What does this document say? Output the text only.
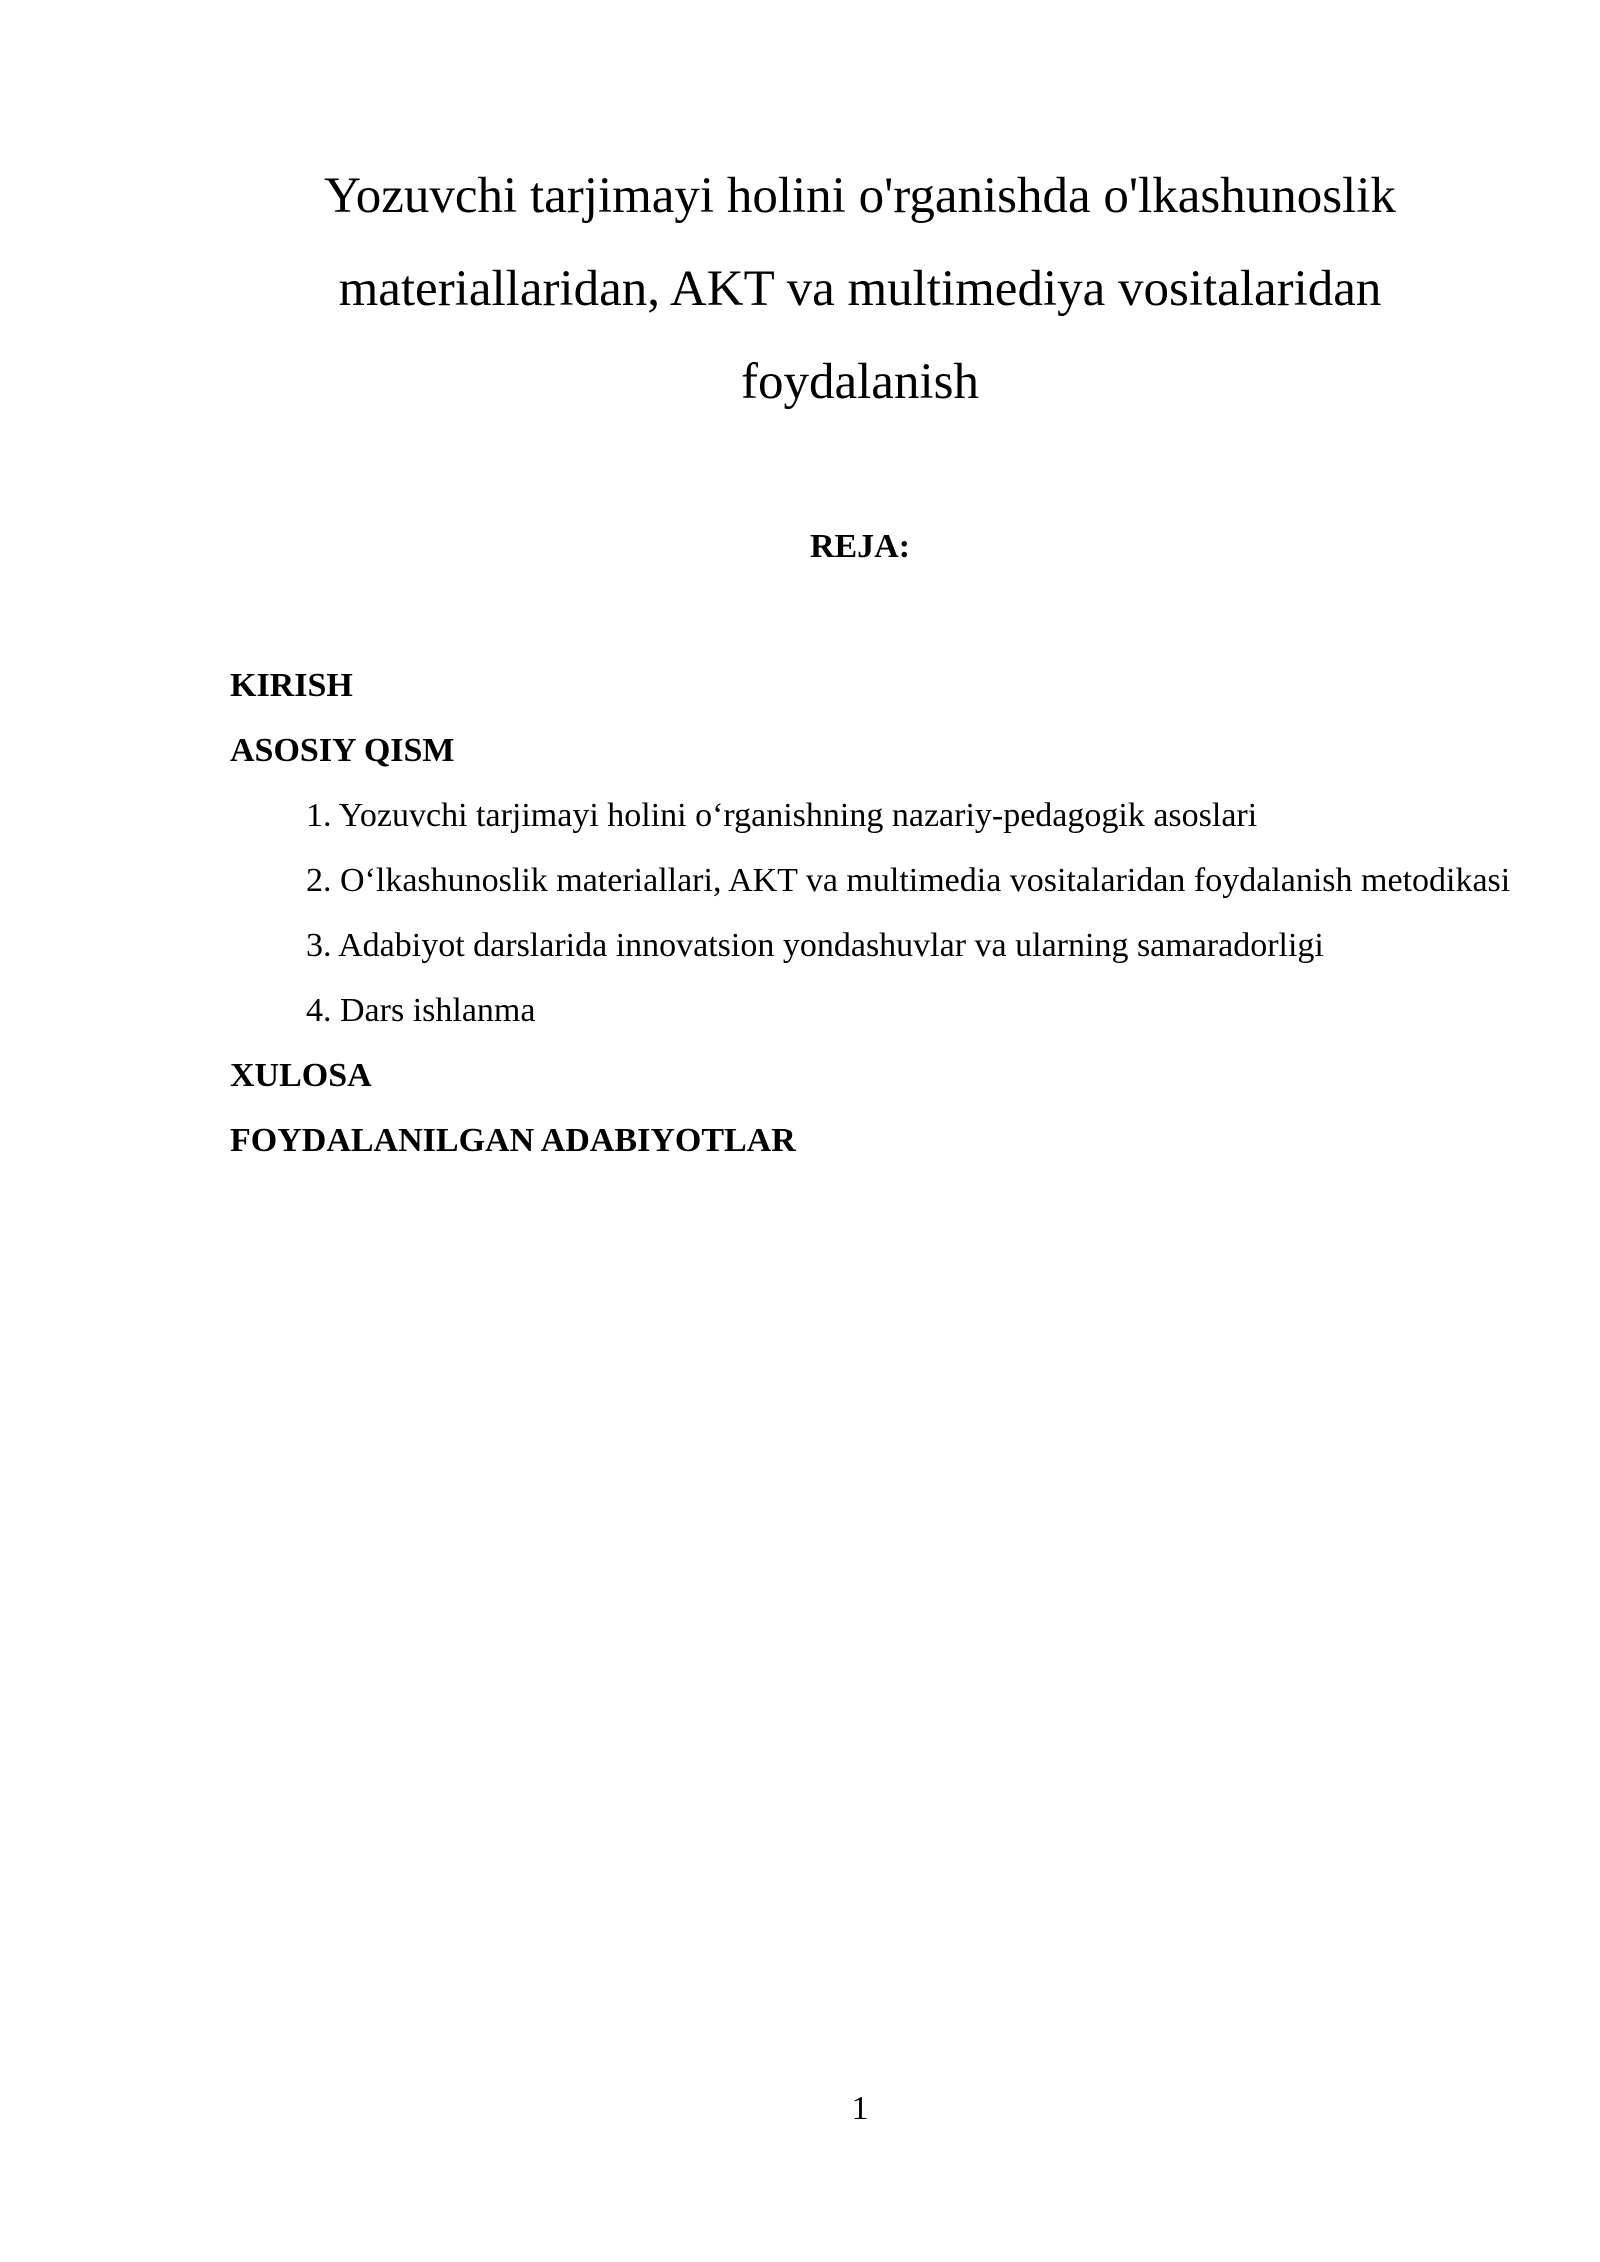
Yozuvchi tarjimayi holini o'rganishda o'lkashunoslik
materiallaridan, AKT va multimediya vositalaridan
foydalanish
REJA:
KIRISH
ASOSIY QISM
1. Yozuvchi tarjimayi holini o‘rganishning nazariy-pedagogik asoslari
2. O‘lkashunoslik materiallari, AKT va multimedia vositalaridan foydalanish metodikasi
3. Adabiyot darslarida innovatsion yondashuvlar va ularning samaradorligi
4. Dars ishlanma
XULOSA
FOYDALANILGAN ADABIYOTLAR
1
